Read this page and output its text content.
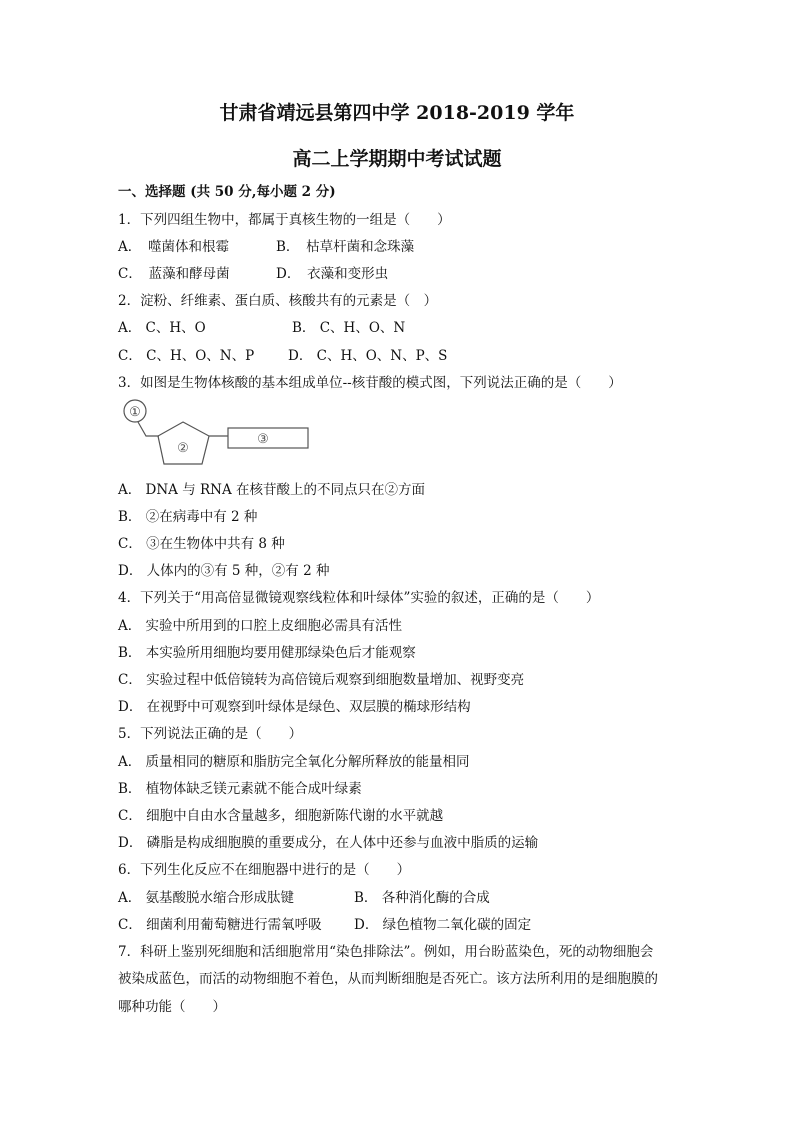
甘肃省靖远县第四中学 2018-2019 学年
高二上学期期中考试试题
一、选择题 (共 50 分,每小题 2 分)
1．下列四组生物中，都属于真核生物的一组是（　　）
A．　噬菌体和根霉	B．　枯草杆菌和念珠藻
C．　蓝藻和酵母菌	D．　衣藻和变形虫
2．淀粉、纤维素、蛋白质、核酸共有的元素是（　）
A． C、H、O	B． C、H、O、N
C． C、H、O、N、P	D． C、H、O、N、P、S
3．如图是生物体核酸的基本组成单位--核苷酸的模式图，下列说法正确的是（　　）
①
②
③
A． DNA 与 RNA 在核苷酸上的不同点只在②方面
B． ②在病毒中有 2 种
C． ③在生物体中共有 8 种
D． 人体内的③有 5 种，②有 2 种
4．下列关于“用高倍显微镜观察线粒体和叶绿体”实验的叙述，正确的是（　　）
A． 实验中所用到的口腔上皮细胞必需具有活性
B． 本实验所用细胞均要用健那绿染色后才能观察
C． 实验过程中低倍镜转为高倍镜后观察到细胞数量增加、视野变亮
D． 在视野中可观察到叶绿体是绿色、双层膜的椭球形结构
5．下列说法正确的是（　　）
A． 质量相同的糖原和脂肪完全氧化分解所释放的能量相同
B． 植物体缺乏镁元素就不能合成叶绿素
C． 细胞中自由水含量越多，细胞新陈代谢的水平就越
D． 磷脂是构成细胞膜的重要成分，在人体中还参与血液中脂质的运输
6．下列生化反应不在细胞器中进行的是（　　）
A． 氨基酸脱水缩合形成肽键	B． 各种消化酶的合成
C． 细菌利用葡萄糖进行需氧呼吸 D． 绿色植物二氧化碳的固定
7．科研上鉴别死细胞和活细胞常用“染色排除法”。例如，用台盼蓝染色，死的动物细胞会
被染成蓝色，而活的动物细胞不着色，从而判断细胞是否死亡。该方法所利用的是细胞膜的
哪种功能（　　）
